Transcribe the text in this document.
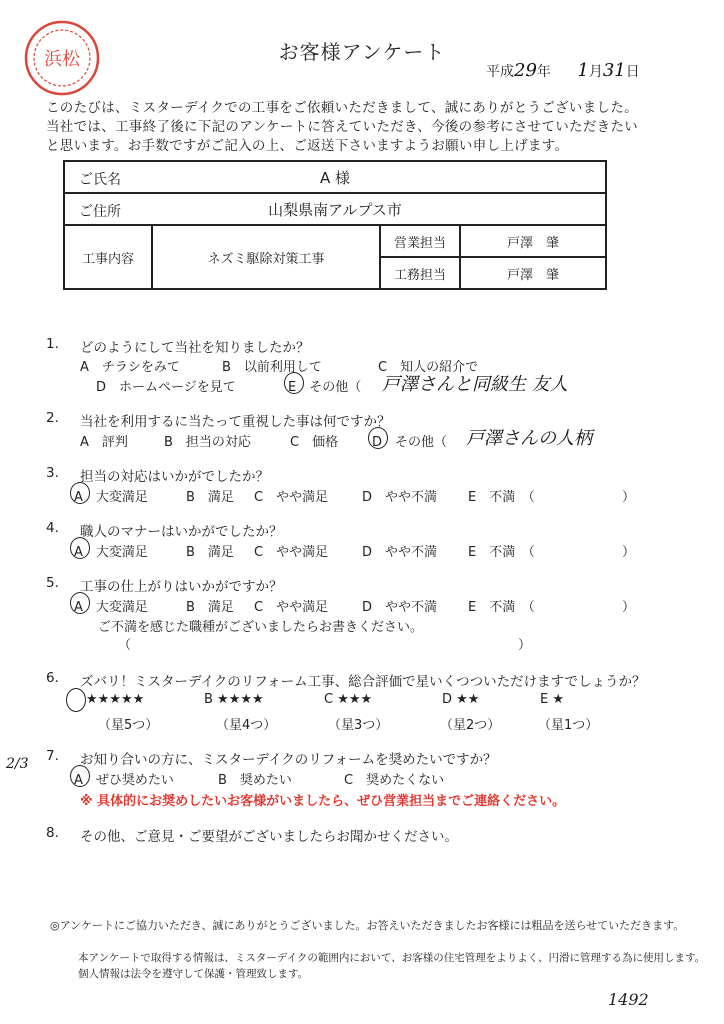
浜松	お客様アンケート
平成29年 1月31日
このたびは、ミスターデイクでの工事をご依頼いただきまして、誠にありがとうございました。
当社では、工事終了後に下記のアンケートに答えていただき、今後の参考にさせていただきたい
と思います。お手数ですがご記入の上、ご返送下さいますようお願い申し上げます。
ご氏名 A 様			

ご住所 山梨県南アルプス市			

工事内容	ネズミ駆除対策工事	営業担当	戸澤　肇
		工務担当	戸澤　肇
1. どのようにして当社を知りましたか？
A　チラシをみて	B　以前利用して	C　知人の紹介で
D　ホームページを見て	E　その他（ 戸澤さんと同級生 友人
2. 当社を利用するに当たって重視した事は何ですか？
A　評判	B　担当の対応	C　価格	D　その他（ 戸澤さんの人柄
3. 担当の対応はいかがでしたか？
A　大変満足	B　満足 C　やや満足	D　やや不満 E　不満　（	）
4. 職人のマナーはいかがでしたか？
A　大変満足	B　満足 C　やや満足	D　やや不満 E　不満　（	）
5. 工事の仕上がりはいかがですか？
A　大変満足	B　満足 C　やや満足	D　やや不満 E　不満　（	）
ご不満を感じた職種がございましたらお書きください。
（	）
6. ズバリ！ミスターデイクのリフォーム工事、総合評価で星いくつついただけますでしょうか？
★★★★★	B ★★★★	C ★★★	D ★★	E ★
（星5つ）	（星4つ）	（星3つ）	（星2つ）	（星1つ）
2/3 7. お知り合いの方に、ミスターデイクのリフォームを奨めたいですか？
A　ぜひ奨めたい	B　奨めたい	C　奨めたくない
※ 具体的にお奨めしたいお客様がいましたら、ぜひ営業担当までご連絡ください。
8. その他、ご意見・ご要望がございましたらお聞かせください。
◎アンケートにご協力いただき、誠にありがとうございました。お答えいただきましたお客様には粗品を送らせていただきます。
本アンケートで取得する情報は、ミスターデイクの範囲内において、お客様の住宅管理をよりよく、円滑に管理する為に使用します。
個人情報は法令を遵守して保護・管理致します。
1492
